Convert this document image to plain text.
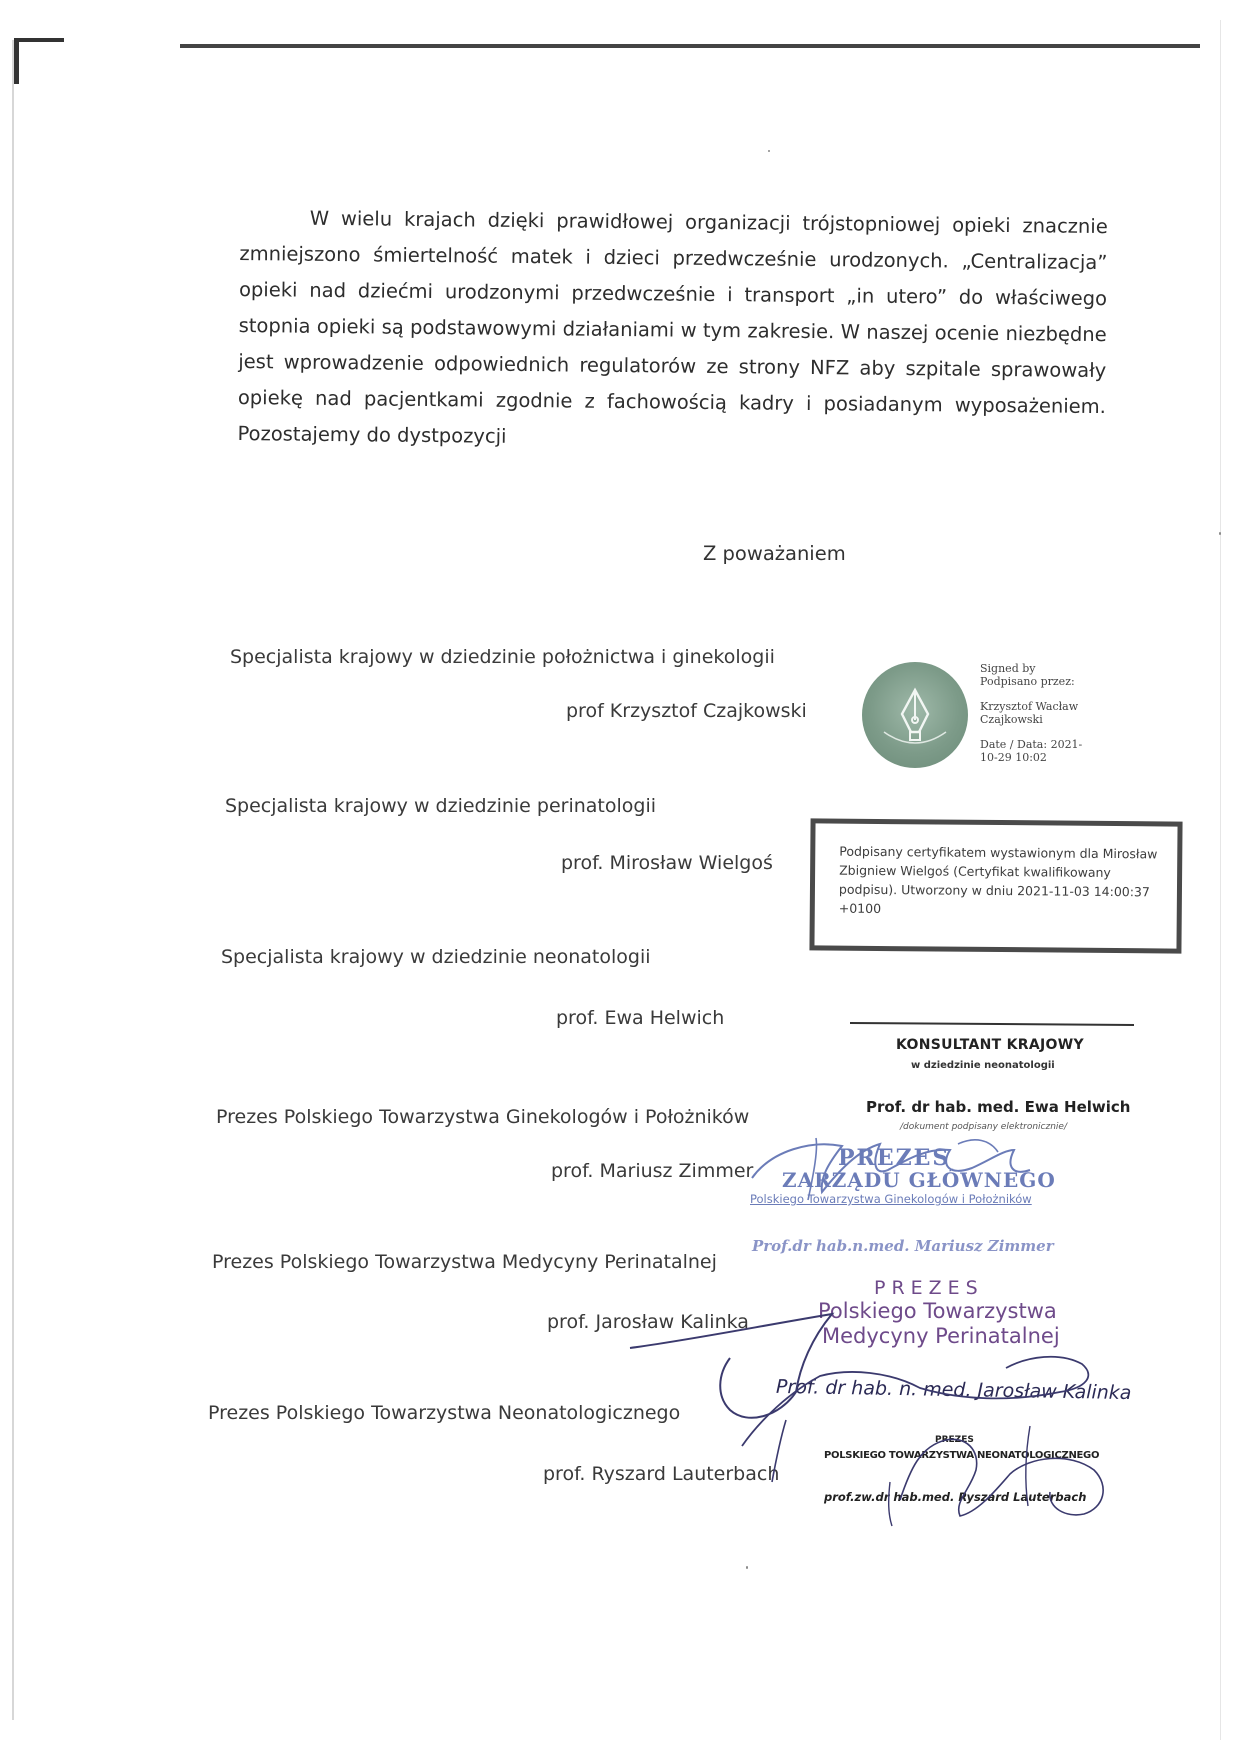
W wielu krajach dzięki prawidłowej organizacji trójstopniowej opieki znacznie zmniejszono śmiertelność matek i dzieci przedwcześnie urodzonych. „Centralizacja” opieki nad dziećmi urodzonymi przedwcześnie i transport „in utero” do właściwego stopnia opieki są podstawowymi działaniami w tym zakresie. W naszej ocenie niezbędne jest wprowadzenie odpowiednich regulatorów ze strony NFZ aby szpitale sprawowały opiekę nad pacjentkami zgodnie z fachowością kadry i posiadanym wyposażeniem. Pozostajemy do dystpozycji

Z poważaniem
Specjalista krajowy w dziedzinie położnictwa i ginekologii
prof Krzysztof Czajkowski
Specjalista krajowy w dziedzinie perinatologii
prof. Mirosław Wielgoś
Specjalista krajowy w dziedzinie neonatologii
prof. Ewa Helwich
Prezes Polskiego Towarzystwa Ginekologów i Położników
prof. Mariusz Zimmer
Prezes Polskiego Towarzystwa Medycyny Perinatalnej
prof. Jarosław Kalinka
Prezes Polskiego Towarzystwa Neonatologicznego
prof. Ryszard Lauterbach
Signed by
Podpisano przez:
Krzysztof Wacław
Czajkowski
Date / Data: 2021-
10-29 10:02
Podpisany certyfikatem wystawionym dla Mirosław Zbigniew Wielgoś (Certyfikat kwalifikowany podpisu). Utworzony w dniu 2021-11-03 14:00:37 +0100
KONSULTANT KRAJOWY
w dziedzinie neonatologii
Prof. dr hab. med. Ewa Helwich
/dokument podpisany elektronicznie/
PREZES
ZARZĄDU GŁÓWNEGO
Polskiego Towarzystwa Ginekologów i Położników
Prof.dr hab.n.med. Mariusz Zimmer
PREZES
Polskiego Towarzystwa
Medycyny Perinatalnej
Prof. dr hab. n. med. Jarosław Kalinka
PREZES
POLSKIEGO TOWARZYSTWA NEONATOLOGICZNEGO
prof.zw.dr hab.med. Ryszard Lauterbach
